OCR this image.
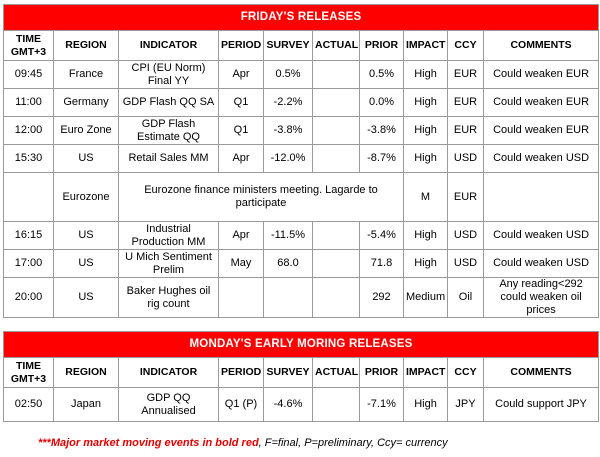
FRIDAY'S RELEASES									

TIME
GMT+3	REGION	INDICATOR	PERIOD	SURVEY	ACTUAL	PRIOR	IMPACT	CCY	COMMENTS
09:45	France	CPI (EU Norm) Final YY	Apr	0.5%		0.5%	High	EUR	Could weaken EUR
11:00	Germany	GDP Flash QQ SA	Q1	-2.2%		0.0%	High	EUR	Could weaken EUR
12:00	Euro Zone	GDP Flash Estimate QQ	Q1	-3.8%		-3.8%	High	EUR	Could weaken EUR
15:30	US	Retail Sales MM	Apr	-12.0%		-8.7%	High	USD	Could weaken USD
	Eurozone	Eurozone finance ministers meeting. Lagarde to participate					M	EUR	
16:15	US	Industrial Production MM	Apr	-11.5%		-5.4%	High	USD	Could weaken USD
17:00	US	U Mich Sentiment Prelim	May	68.0		71.8	High	USD	Could weaken USD
20:00	US	Baker Hughes oil rig count				292	Medium	Oil	Any reading<292 could weaken oil prices
MONDAY'S EARLY MORING RELEASES									

TIME
GMT+3	REGION	INDICATOR	PERIOD	SURVEY	ACTUAL	PRIOR	IMPACT	CCY	COMMENTS
02:50	Japan	GDP QQ Annualised	Q1 (P)	-4.6%		-7.1%	High	JPY	Could support JPY
***Major market moving events in bold red, F=final, P=preliminary, Ccy= currency
